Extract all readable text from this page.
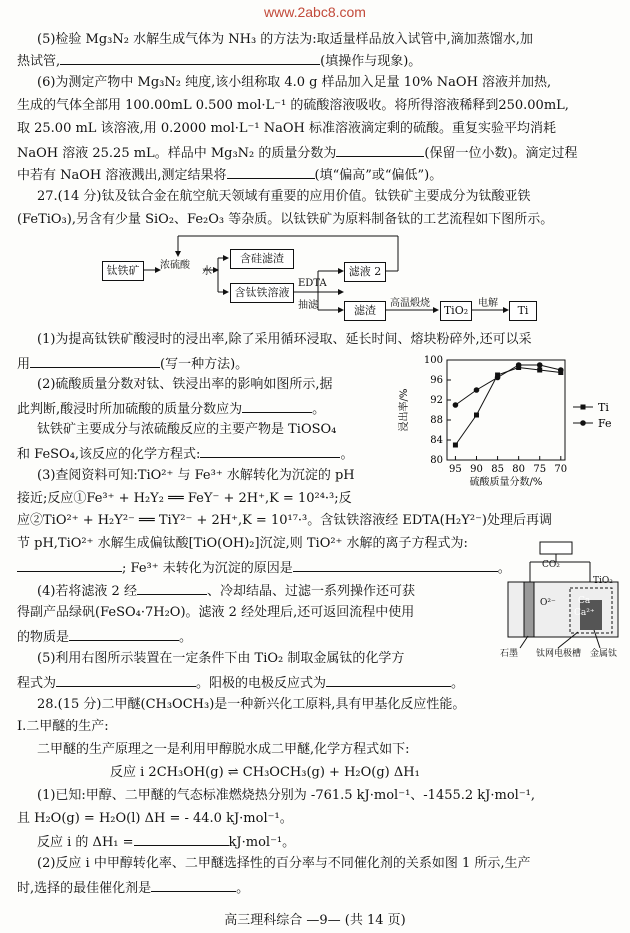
www.2abc8.com
(5)检验 Mg₃N₂ 水解生成气体为 NH₃ 的方法为:取适量样品放入试管中,滴加蒸馏水,加
热试管,	(填操作与现象)。
(6)为测定产物中 Mg₃N₂ 纯度,该小组称取 4.0 g 样品加入足量 10% NaOH 溶液并加热,
生成的气体全部用 100.00mL 0.500 mol·L⁻¹ 的硫酸溶液吸收。将所得溶液稀释到250.00mL,
取 25.00 mL 该溶液,用 0.2000 mol·L⁻¹ NaOH 标准溶液滴定剩的硫酸。重复实验平均消耗
NaOH 溶液 25.25 mL。样品中 Mg₃N₂ 的质量分数为	(保留一位小数)。滴定过程
中若有 NaOH 溶液溅出,测定结果将	(填“偏高”或“偏低”)。
27.(14 分)钛及钛合金在航空航天领域有重要的应用价值。钛铁矿主要成分为钛酸亚铁
(FeTiO₃),另含有少量 SiO₂、Fe₂O₃ 等杂质。以钛铁矿为原料制备钛的工艺流程如下图所示。
钛铁矿	浓硫酸
水
含硅滤渣
含钛铁溶液
EDTA
抽滤
滤液 2
滤渣
高温煅烧
TiO₂
电解
Ti
(1)为提高钛铁矿酸浸时的浸出率,除了采用循环浸取、延长时间、熔块粉碎外,还可以采
用	(写一种方法)。
(2)硫酸质量分数对钛、铁浸出率的影响如图所示,据
此判断,酸浸时所加硫酸的质量分数应为	。
钛铁矿主要成分与浓硫酸反应的主要产物是 TiOSO₄
和 FeSO₄,该反应的化学方程式:	。	80
84
88
92
96
100
95 90 85 80 75 70
硫酸质量分数/%
浸出率/%	Ti
Fe
(3)查阅资料可知:TiO²⁺ 与 Fe³⁺ 水解转化为沉淀的 pH
接近;反应①Fe³⁺ + H₂Y₂ ══ FeY⁻ + 2H⁺,K = 10²⁴·³;反
应②TiO²⁺ + H₂Y²⁻ ══ TiY²⁻ + 2H⁺,K = 10¹⁷·³。含钛铁溶液经 EDTA(H₂Y²⁻)处理后再调
节 pH,TiO²⁺ 水解生成偏钛酸[TiO(OH)₂]沉淀,则 TiO²⁺ 水解的离子方程式为:
; Fe³⁺ 未转化为沉淀的原因是	。
(4)若将滤液 2 经	、冷却结晶、过滤一系列操作还可获
得副产品绿矾(FeSO₄·7H₂O)。滤液 2 经处理后,还可返回流程中使用
的物质是	。
CO₂
TiO₂
O²⁻ Ca
Ca²⁺
石墨 钛网电极槽 金属钛
(5)利用右图所示装置在一定条件下由 TiO₂ 制取金属钛的化学方
程式为	。阳极的电极反应式为	。
28.(15 分)二甲醚(CH₃OCH₃)是一种新兴化工原料,具有甲基化反应性能。
I.二甲醚的生产:
二甲醚的生产原理之一是利用甲醇脱水成二甲醚,化学方程式如下:
反应 i 2CH₃OH(g) ⇌ CH₃OCH₃(g) + H₂O(g) ΔH₁
(1)已知:甲醇、二甲醚的气态标准燃烧热分别为 -761.5 kJ·mol⁻¹、-1455.2 kJ·mol⁻¹,
且 H₂O(g) = H₂O(l) ΔH = - 44.0 kJ·mol⁻¹。
反应 i 的 ΔH₁ =	kJ·mol⁻¹。
(2)反应 i 中甲醇转化率、二甲醚选择性的百分率与不同催化剂的关系如图 1 所示,生产
时,选择的最佳催化剂是	。
高三理科综合 —9— (共 14 页)
